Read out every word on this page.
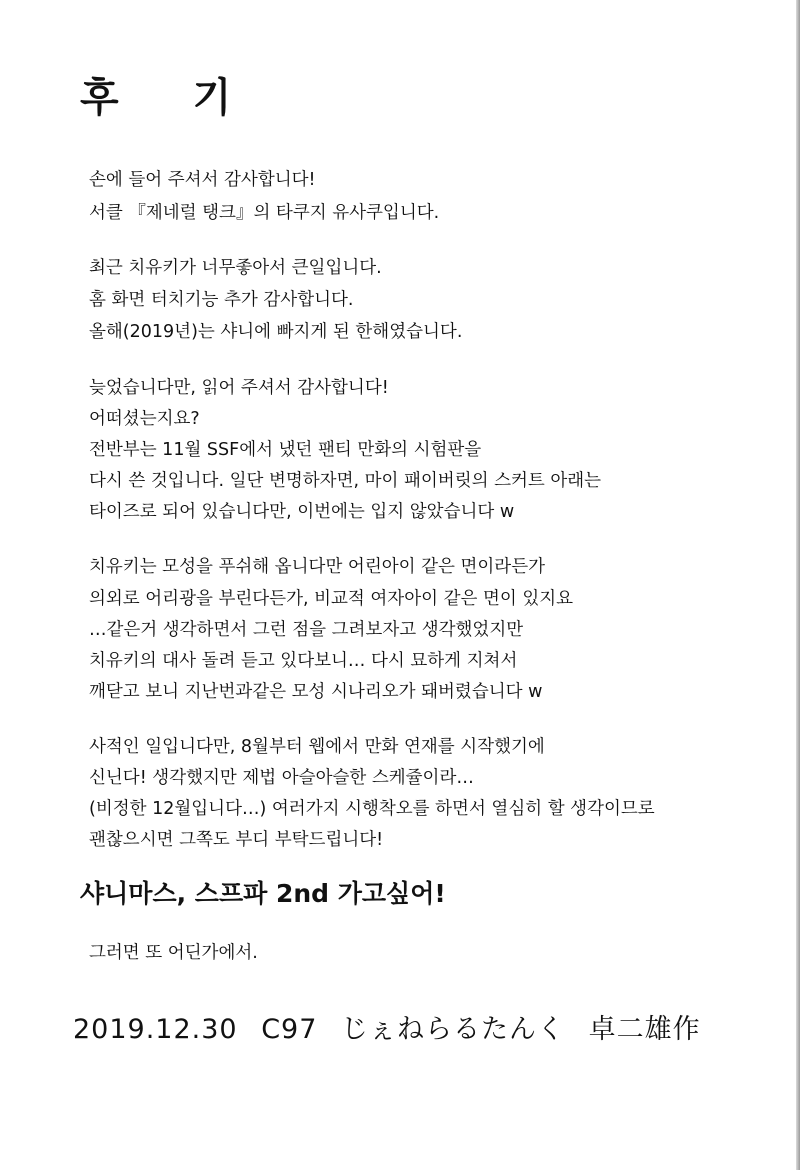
후 기

손에 들어 주셔서 감사합니다!

서클 『제네럴 탱크』의 타쿠지 유사쿠입니다.

최근 치유키가 너무좋아서 큰일입니다.

홈 화면 터치기능 추가 감사합니다.

올해(2019년)는 샤니에 빠지게 된 한해였습니다.

늦었습니다만, 읽어 주셔서 감사합니다!

어떠셨는지요?

전반부는 11월 SSF에서 냈던 팬티 만화의 시험판을

다시 쓴 것입니다. 일단 변명하자면, 마이 패이버릿의 스커트 아래는

타이즈로 되어 있습니다만, 이번에는 입지 않았습니다 w

치유키는 모성을 푸쉬해 옵니다만 어린아이 같은 면이라든가

의외로 어리광을 부린다든가, 비교적 여자아이 같은 면이 있지요

…같은거 생각하면서 그런 점을 그려보자고 생각했었지만

치유키의 대사 돌려 듣고 있다보니… 다시 묘하게 지쳐서

깨닫고 보니 지난번과같은 모성 시나리오가 돼버렸습니다 w

사적인 일입니다만, 8월부터 웹에서 만화 연재를 시작했기에

신닌다! 생각했지만 제법 아슬아슬한 스케쥴이라…

(비정한 12월입니다…) 여러가지 시행착오를 하면서 열심히 할 생각이므로

괜찮으시면 그쪽도 부디 부탁드립니다!

샤니마스, 스프파 2nd 가고싶어!

그러면 또 어딘가에서.

2019.12.30 C97 じぇねらるたんく 卓二雄作
